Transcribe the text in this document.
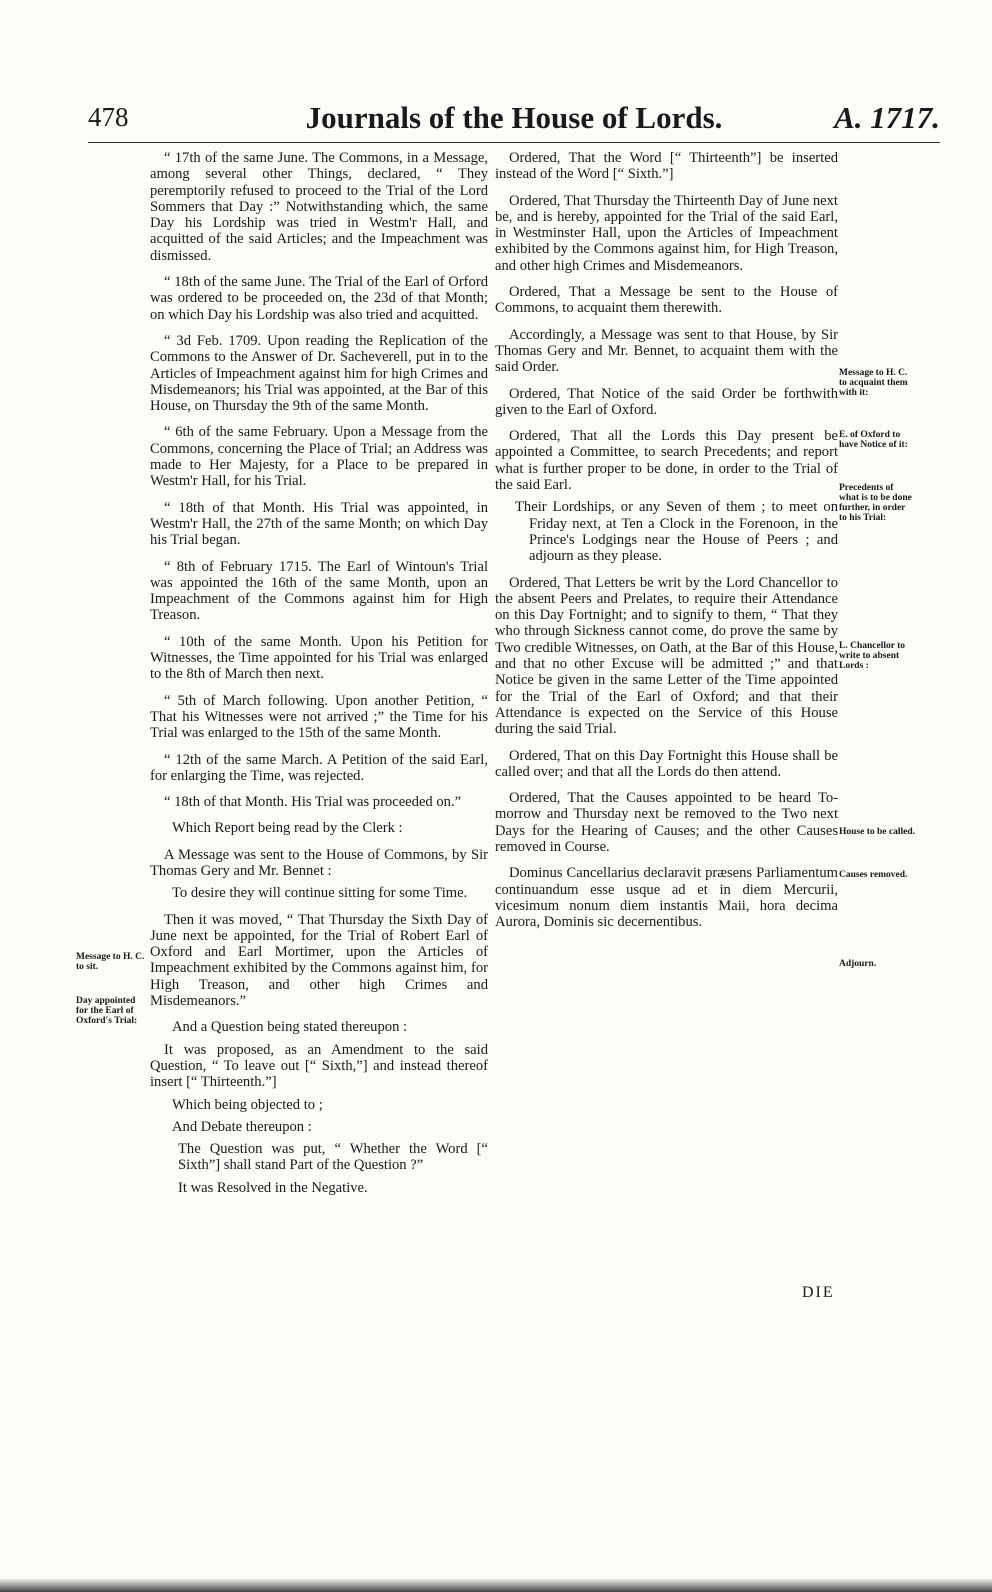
478	Journals of the House of Lords.	A. 1717.

“ 17th of the same June. The Commons, in a Message, among several other Things, declared, “ They peremptorily refused to proceed to the Trial of the Lord Sommers that Day :” Notwithstanding which, the same Day his Lordship was tried in Westm'r Hall, and acquitted of the said Articles; and the Impeachment was dismissed.

“ 18th of the same June. The Trial of the Earl of Orford was ordered to be proceeded on, the 23d of that Month; on which Day his Lordship was also tried and acquitted.

“ 3d Feb. 1709. Upon reading the Replication of the Commons to the Answer of Dr. Sacheverell, put in to the Articles of Impeachment against him for high Crimes and Misdemeanors; his Trial was appointed, at the Bar of this House, on Thursday the 9th of the same Month.

“ 6th of the same February. Upon a Message from the Commons, concerning the Place of Trial; an Address was made to Her Majesty, for a Place to be prepared in Westm'r Hall, for his Trial.

“ 18th of that Month. His Trial was appointed, in Westm'r Hall, the 27th of the same Month; on which Day his Trial began.

“ 8th of February 1715. The Earl of Wintoun's Trial was appointed the 16th of the same Month, upon an Impeachment of the Commons against him for High Treason.

“ 10th of the same Month. Upon his Petition for Witnesses, the Time appointed for his Trial was enlarged to the 8th of March then next.

“ 5th of March following. Upon another Petition, “ That his Witnesses were not arrived ;” the Time for his Trial was enlarged to the 15th of the same Month.

“ 12th of the same March. A Petition of the said Earl, for enlarging the Time, was rejected.

“ 18th of that Month. His Trial was proceeded on.”

Which Report being read by the Clerk :

A Message was sent to the House of Commons, by Sir Thomas Gery and Mr. Bennet :

To desire they will continue sitting for some Time.

Then it was moved, “ That Thursday the Sixth Day of June next be appointed, for the Trial of Robert Earl of Oxford and Earl Mortimer, upon the Articles of Impeachment exhibited by the Commons against him, for High Treason, and other high Crimes and Misdemeanors.”

And a Question being stated thereupon :

It was proposed, as an Amendment to the said Question, “ To leave out [“ Sixth,”] and instead thereof insert [“ Thirteenth.”]

Which being objected to ;

And Debate thereupon :

The Question was put, “ Whether the Word [“ Sixth”] shall stand Part of the Question ?”

It was Resolved in the Negative.

Ordered, That the Word [“ Thirteenth”] be inserted instead of the Word [“ Sixth.”]

Ordered, That Thursday the Thirteenth Day of June next be, and is hereby, appointed for the Trial of the said Earl, in Westminster Hall, upon the Articles of Impeachment exhibited by the Commons against him, for High Treason, and other high Crimes and Misdemeanors.

Ordered, That a Message be sent to the House of Commons, to acquaint them therewith.

Accordingly, a Message was sent to that House, by Sir Thomas Gery and Mr. Bennet, to acquaint them with the said Order.

Ordered, That Notice of the said Order be forthwith given to the Earl of Oxford.

Ordered, That all the Lords this Day present be appointed a Committee, to search Precedents; and report what is further proper to be done, in order to the Trial of the said Earl.

Their Lordships, or any Seven of them ; to meet on Friday next, at Ten a Clock in the Forenoon, in the Prince's Lodgings near the House of Peers ; and adjourn as they please.

Ordered, That Letters be writ by the Lord Chancellor to the absent Peers and Prelates, to require their Attendance on this Day Fortnight; and to signify to them, “ That they who through Sickness cannot come, do prove the same by Two credible Witnesses, on Oath, at the Bar of this House, and that no other Excuse will be admitted ;” and that Notice be given in the same Letter of the Time appointed for the Trial of the Earl of Oxford; and that their Attendance is expected on the Service of this House during the said Trial.

Ordered, That on this Day Fortnight this House shall be called over; and that all the Lords do then attend.

Ordered, That the Causes appointed to be heard To-morrow and Thursday next be removed to the Two next Days for the Hearing of Causes; and the other Causes removed in Course.

Dominus Cancellarius declaravit præsens Parliamentum continuandum esse usque ad et in diem Mercurii, vicesimum nonum diem instantis Maii, hora decima Aurora, Dominis sic decernentibus.

Message to H. C. to sit.
Day appointed for the Earl of Oxford's Trial:
Message to H. C. to acquaint them with it:
E. of Oxford to have Notice of it:
Precedents of what is to be done further, in order to his Trial:
L. Chancellor to write to absent Lords :
House to be called.
Causes removed.
Adjourn.
DIE
